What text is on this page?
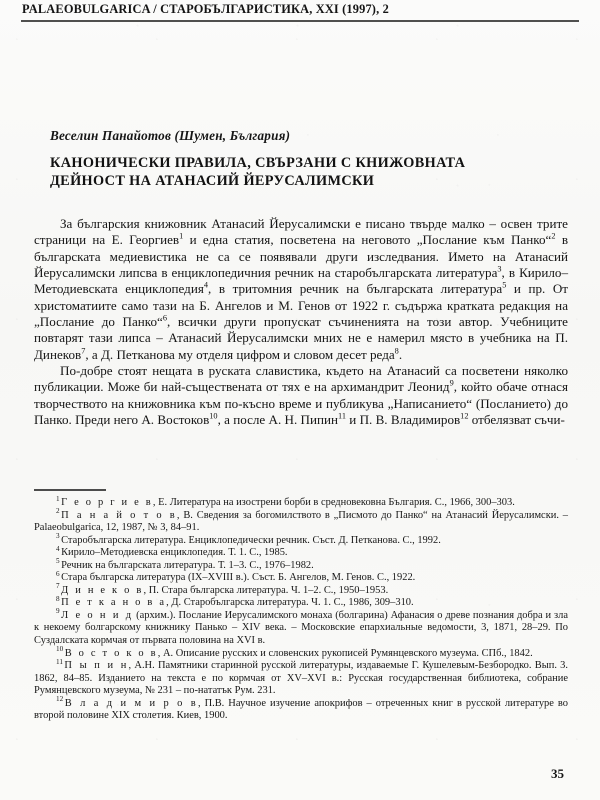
PALAEOBULGARICA / СТАРОБЪЛГАРИСТИКА, XXI (1997), 2
Веселин Панайотов (Шумен, България)
КАНОНИЧЕСКИ ПРАВИЛА, СВЪРЗАНИ С КНИЖОВНАТА
ДЕЙНОСТ НА АТАНАСИЙ ЙЕРУСАЛИМСКИ

За българския книжовник Атанасий Йерусалимски е писано твърде малко – освен трите страници на Е. Георгиев$^1$ и една статия, посветена на неговото „Послание към Панко“$^2$ в българската медиевистика не са се появявали други изследвания. Името на Атанасий Йерусалимски липсва в енциклопедичния речник на старобългарската литература$^3$, в Кирило–Методиевската енциклопедия$^4$, в тритомния речник на българската литература$^5$ и пр. От христоматиите само тази на Б. Ангелов и М. Генов от 1922 г. съдържа кратката редакция на „Послание до Панко“$^6$, всички други пропускат съчиненията на този автор. Учебниците повтарят тази липса – Атанасий Йерусалимски мних не е намерил място в учебника на П. Динеков$^7$, а Д. Петканова му отделя цифром и словом десет реда$^8$.

По-добре стоят нещата в руската славистика, където на Атанасий са посветени няколко публикации. Може би най-съществената от тях е на архимандрит Леонид$^9$, който обаче отнася творчеството на книжовника към по-късно време и публикува „Написанието“ (Посланието) до Панко. Преди него А. Востоков$^{10}$, а после А. Н. Пипин$^{11}$ и П. В. Владимиров$^{12}$ отбелязват съчи-

$^1$ Г е о р г и е в, Е. Литература на изострени борби в средновековна България. С., 1966, 300–303.

$^2$ П а н а й о т о в, В. Сведения за богомилството в „Писмото до Панко“ на Атанасий Йерусалимски. – Palaeobulgarica, 12, 1987, № 3, 84–91.

$^3$ Старобългарска литература. Енциклопедически речник. Съст. Д. Петканова. С., 1992.

$^4$ Кирило–Методиевска енциклопедия. Т. 1. С., 1985.

$^5$ Речник на българската литература. Т. 1–3. С., 1976–1982.

$^6$ Стара българска литература (IX–XVIII в.). Съст. Б. Ангелов, М. Генов. С., 1922.

$^7$ Д и н е к о в, П. Стара българска литература. Ч. 1–2. С., 1950–1953.

$^8$ П е т к а н о в а, Д. Старобългарска литература. Ч. 1. С., 1986, 309–310.

$^9$ Л е о н и д (архим.). Послание Иерусалимского монаха (болгарина) Афанасия о древе познания добра и зла к некоему болгарскому книжнику Панько – XIV века. – Московские епархиальные ведомости, 3, 1871, 28–29. По Суздалската кормчая от първата половина на XVI в.

$^{10}$ В о с т о к о в, А. Описание русских и словенских рукописей Румянцевского музеума. СПб., 1842.

$^{11}$ П ы п и н, А.Н. Памятники старинной русской литературы, издаваемые Г. Кушелевым-Безбородко. Вып. 3. 1862, 84–85. Изданието на текста е по кормчая от XV–XVI в.: Русская государственная библиотека, собрание Румянцевского музеума, № 231 – по-нататък Рум. 231.

$^{12}$ В л а д и м и р о в, П.В. Научное изучение апокрифов – отреченных книг в русской литературе во второй половине XIX столетия. Киев, 1900.

35
